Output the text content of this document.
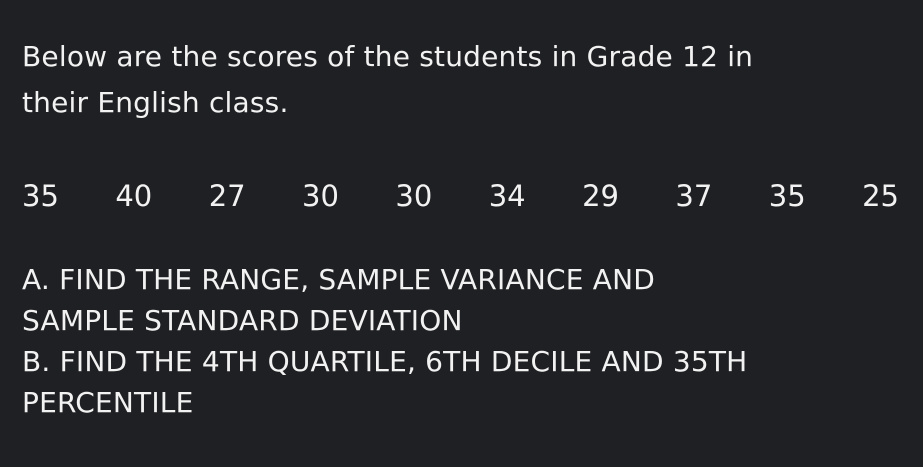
Below are the scores of the students in Grade 12 in
their English class.
35 40 27 30 30 34 29 37 35 25
A. FIND THE RANGE, SAMPLE VARIANCE AND
SAMPLE STANDARD DEVIATION
B. FIND THE 4TH QUARTILE, 6TH DECILE AND 35TH
PERCENTILE
